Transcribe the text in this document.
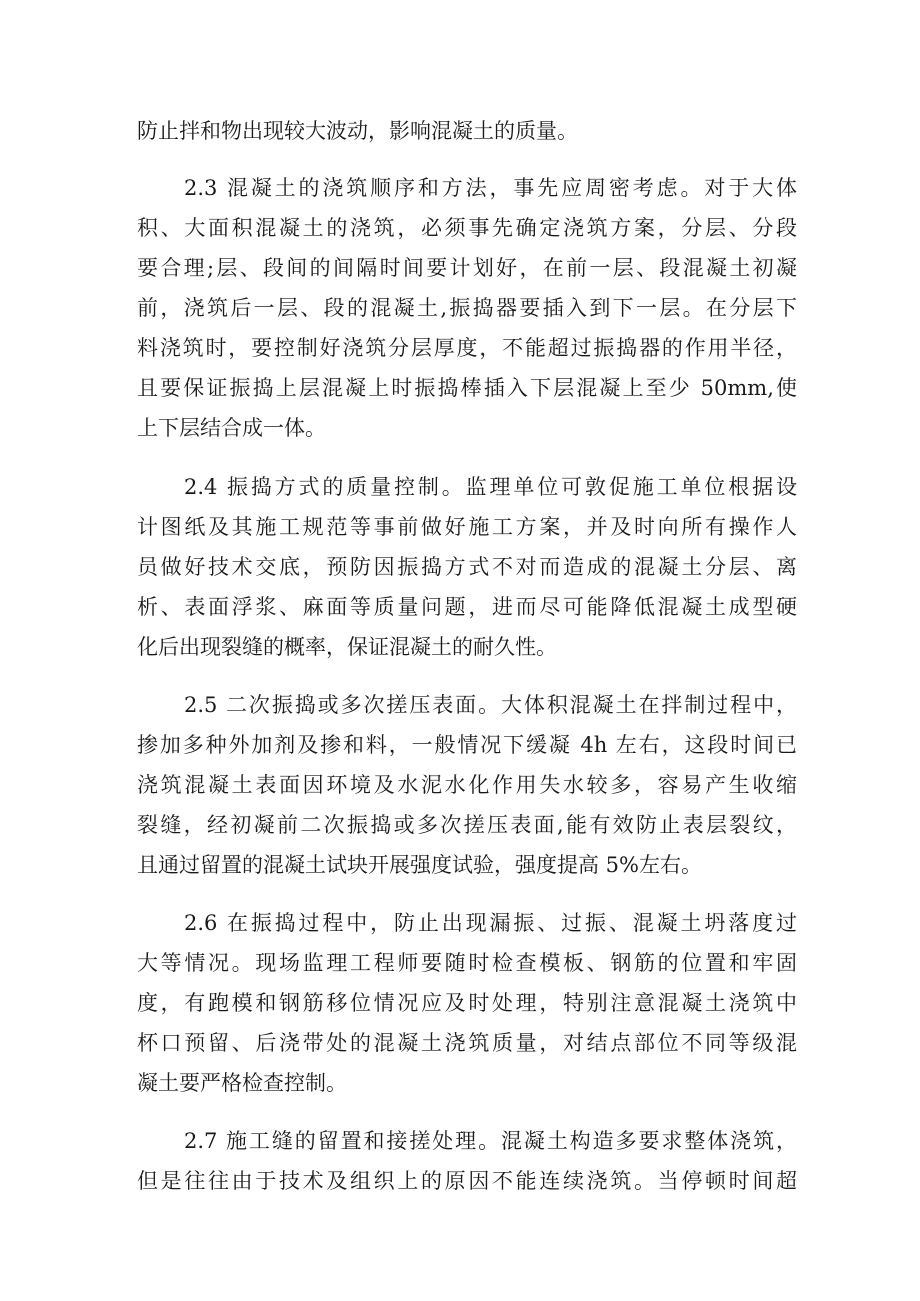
防止拌和物出现较大波动，影响混凝土的质量。
2.3 混凝土的浇筑顺序和方法，事先应周密考虑。对于大体
积、大面积混凝土的浇筑，必须事先确定浇筑方案，分层、分段
要合理;层、段间的间隔时间要计划好，在前一层、段混凝土初凝
前，浇筑后一层、段的混凝土,振捣器要插入到下一层。在分层下
料浇筑时，要控制好浇筑分层厚度，不能超过振捣器的作用半径，
且要保证振捣上层混凝上时振捣棒插入下层混凝上至少 50mm,使
上下层结合成一体。
2.4 振捣方式的质量控制。监理单位可敦促施工单位根据设
计图纸及其施工规范等事前做好施工方案，并及时向所有操作人
员做好技术交底，预防因振捣方式不对而造成的混凝土分层、离
析、表面浮浆、麻面等质量问题，进而尽可能降低混凝土成型硬
化后出现裂缝的概率，保证混凝土的耐久性。
2.5 二次振捣或多次搓压表面。大体积混凝土在拌制过程中，
掺加多种外加剂及掺和料，一般情况下缓凝 4h 左右，这段时间已
浇筑混凝土表面因环境及水泥水化作用失水较多，容易产生收缩
裂缝，经初凝前二次振捣或多次搓压表面,能有效防止表层裂纹，
且通过留置的混凝土试块开展强度试验，强度提高 5%左右。
2.6 在振捣过程中，防止出现漏振、过振、混凝土坍落度过
大等情况。现场监理工程师要随时检查模板、钢筋的位置和牢固
度，有跑模和钢筋移位情况应及时处理，特别注意混凝土浇筑中
杯口预留、后浇带处的混凝土浇筑质量，对结点部位不同等级混
凝土要严格检查控制。
2.7 施工缝的留置和接搓处理。混凝土构造多要求整体浇筑，
但是往往由于技术及组织上的原因不能连续浇筑。当停顿时间超
